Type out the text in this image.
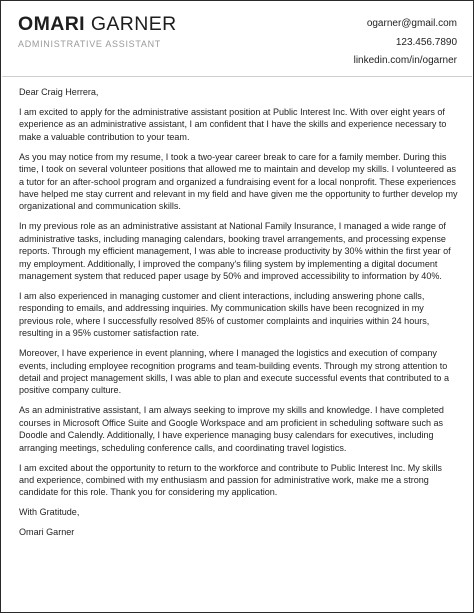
OMARI GARNER
ADMINISTRATIVE ASSISTANT
ogarner@gmail.com
123.456.7890
linkedin.com/in/ogarner

Dear Craig Herrera,

I am excited to apply for the administrative assistant position at Public Interest Inc. With over eight years of experience as an administrative assistant, I am confident that I have the skills and experience necessary to make a valuable contribution to your team.

As you may notice from my resume, I took a two-year career break to care for a family member. During this time, I took on several volunteer positions that allowed me to maintain and develop my skills. I volunteered as a tutor for an after-school program and organized a fundraising event for a local nonprofit. These experiences have helped me stay current and relevant in my field and have given me the opportunity to further develop my organizational and communication skills.

In my previous role as an administrative assistant at National Family Insurance, I managed a wide range of administrative tasks, including managing calendars, booking travel arrangements, and processing expense reports. Through my efficient management, I was able to increase productivity by 30% within the first year of my employment. Additionally, I improved the company's filing system by implementing a digital document management system that reduced paper usage by 50% and improved accessibility to information by 40%.

I am also experienced in managing customer and client interactions, including answering phone calls, responding to emails, and addressing inquiries. My communication skills have been recognized in my previous role, where I successfully resolved 85% of customer complaints and inquiries within 24 hours, resulting in a 95% customer satisfaction rate.

Moreover, I have experience in event planning, where I managed the logistics and execution of company events, including employee recognition programs and team-building events. Through my strong attention to detail and project management skills, I was able to plan and execute successful events that contributed to a positive company culture.

As an administrative assistant, I am always seeking to improve my skills and knowledge. I have completed courses in Microsoft Office Suite and Google Workspace and am proficient in scheduling software such as Doodle and Calendly. Additionally, I have experience managing busy calendars for executives, including arranging meetings, scheduling conference calls, and coordinating travel logistics.

I am excited about the opportunity to return to the workforce and contribute to Public Interest Inc. My skills and experience, combined with my enthusiasm and passion for administrative work, make me a strong candidate for this role. Thank you for considering my application.

With Gratitude,

Omari Garner
